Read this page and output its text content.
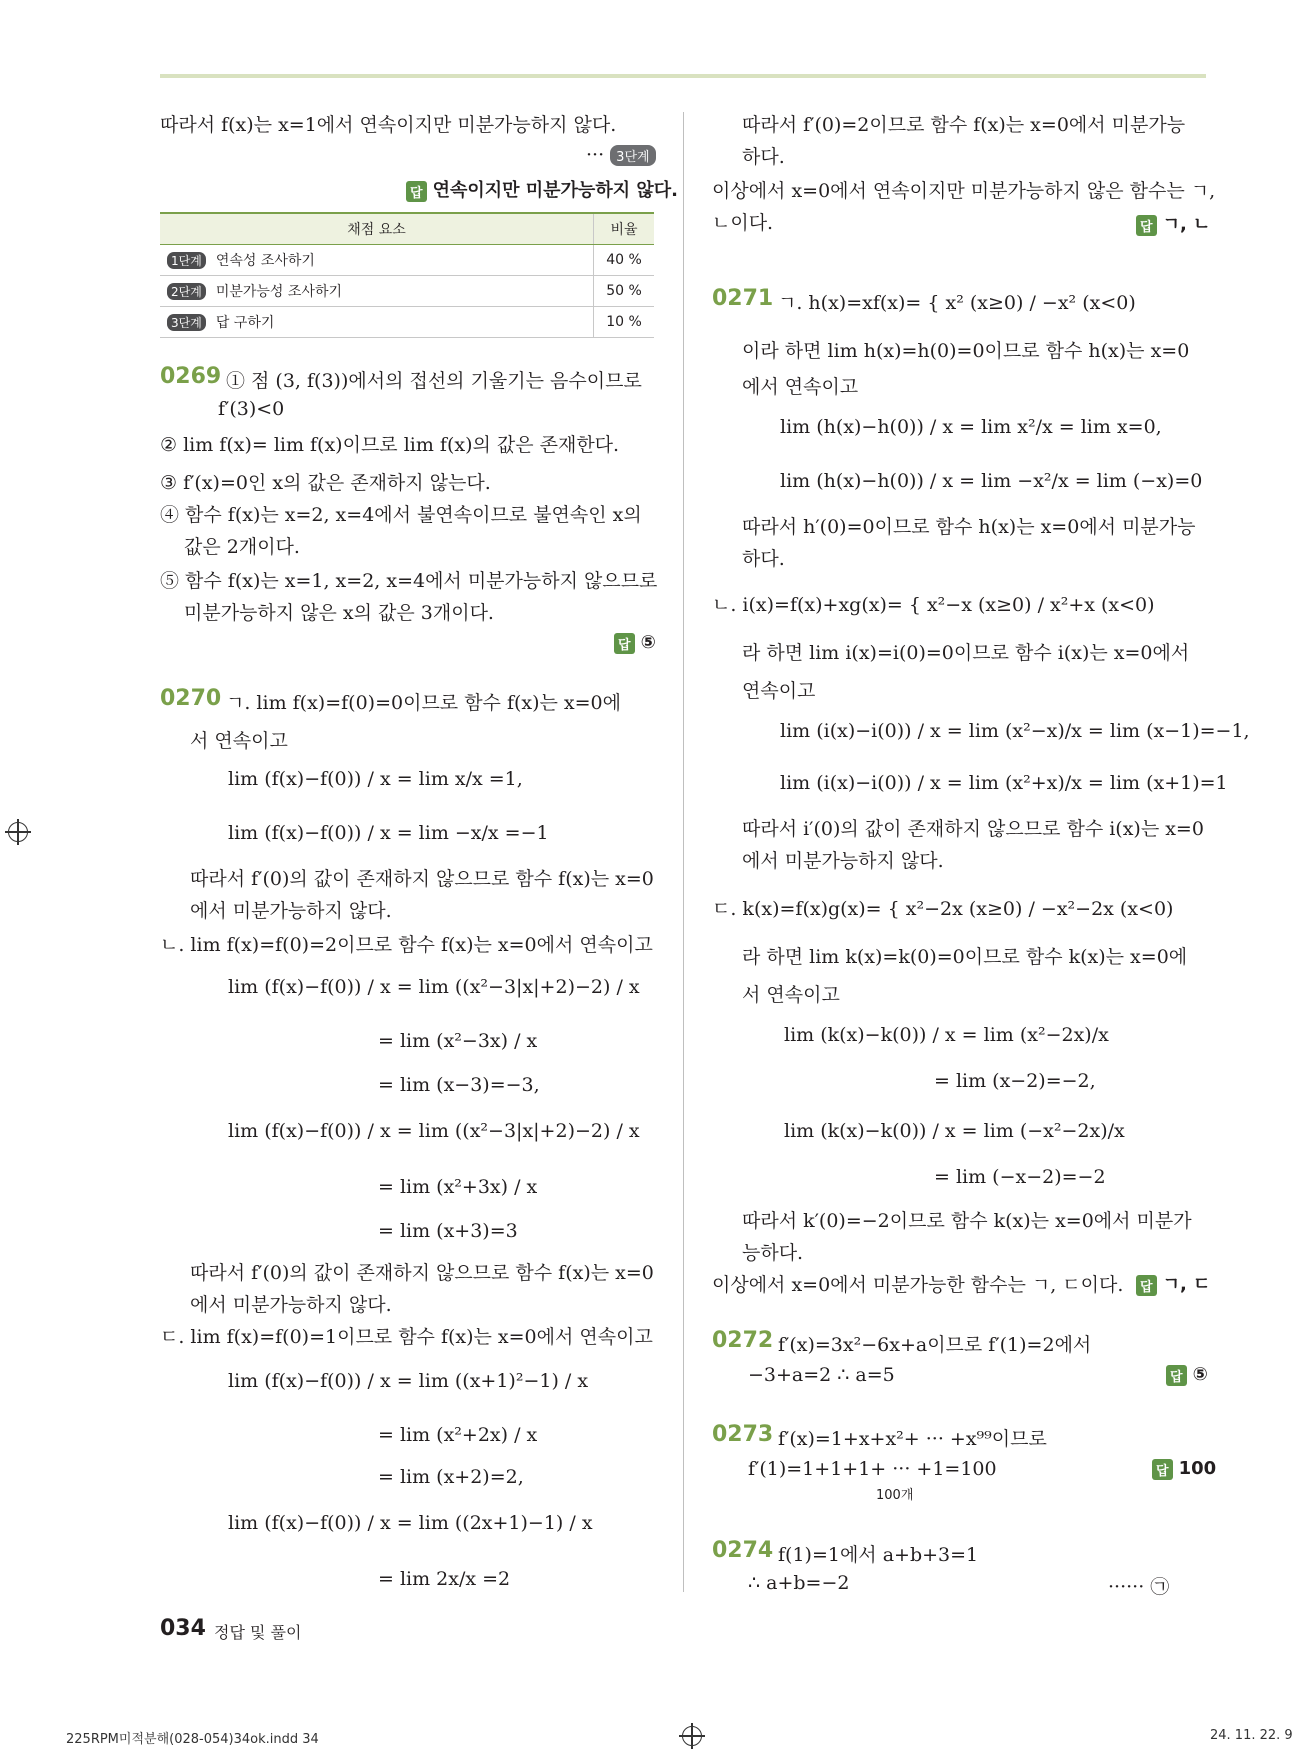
따라서 f(x)는 x=1에서 연속이지만 미분가능하지 않다.
··· 3단계
답 연속이지만 미분가능하지 않다.
채점 요소	비율
1단계 연속성 조사하기	40 %
2단계 미분가능성 조사하기	50 %
3단계 답 구하기	10 %
0269 ① 점 (3, f(3))에서의 접선의 기울기는 음수이므로
f′(3)<0
② lim f(x)= lim f(x)이므로 lim f(x)의 값은 존재한다.
③ f′(x)=0인 x의 값은 존재하지 않는다.
④ 함수 f(x)는 x=2, x=4에서 불연속이므로 불연속인 x의
값은 2개이다.
⑤ 함수 f(x)는 x=1, x=2, x=4에서 미분가능하지 않으므로
미분가능하지 않은 x의 값은 3개이다.
답 ⑤
0270 ㄱ. lim f(x)=f(0)=0이므로 함수 f(x)는 x=0에
서 연속이고
lim (f(x)−f(0)) / x = lim x/x =1,
lim (f(x)−f(0)) / x = lim −x/x =−1
따라서 f′(0)의 값이 존재하지 않으므로 함수 f(x)는 x=0
에서 미분가능하지 않다.
ㄴ. lim f(x)=f(0)=2이므로 함수 f(x)는 x=0에서 연속이고
lim (f(x)−f(0)) / x = lim ((x²−3|x|+2)−2) / x
= lim (x²−3x) / x
= lim (x−3)=−3,
lim (f(x)−f(0)) / x = lim ((x²−3|x|+2)−2) / x
= lim (x²+3x) / x
= lim (x+3)=3
따라서 f′(0)의 값이 존재하지 않으므로 함수 f(x)는 x=0
에서 미분가능하지 않다.
ㄷ. lim f(x)=f(0)=1이므로 함수 f(x)는 x=0에서 연속이고
lim (f(x)−f(0)) / x = lim ((x+1)²−1) / x
= lim (x²+2x) / x
= lim (x+2)=2,
lim (f(x)−f(0)) / x = lim ((2x+1)−1) / x
= lim 2x/x =2
따라서 f′(0)=2이므로 함수 f(x)는 x=0에서 미분가능
하다.
이상에서 x=0에서 연속이지만 미분가능하지 않은 함수는 ㄱ,
ㄴ이다.	답 ㄱ, ㄴ
0271 ㄱ. h(x)=xf(x)= { x² (x≥0) / −x² (x<0)
이라 하면 lim h(x)=h(0)=0이므로 함수 h(x)는 x=0
에서 연속이고
lim (h(x)−h(0)) / x = lim x²/x = lim x=0,
lim (h(x)−h(0)) / x = lim −x²/x = lim (−x)=0
따라서 h′(0)=0이므로 함수 h(x)는 x=0에서 미분가능
하다.
ㄴ. i(x)=f(x)+xg(x)= { x²−x (x≥0) / x²+x (x<0)
라 하면 lim i(x)=i(0)=0이므로 함수 i(x)는 x=0에서
연속이고
lim (i(x)−i(0)) / x = lim (x²−x)/x = lim (x−1)=−1,
lim (i(x)−i(0)) / x = lim (x²+x)/x = lim (x+1)=1
따라서 i′(0)의 값이 존재하지 않으므로 함수 i(x)는 x=0
에서 미분가능하지 않다.
ㄷ. k(x)=f(x)g(x)= { x²−2x (x≥0) / −x²−2x (x<0)
라 하면 lim k(x)=k(0)=0이므로 함수 k(x)는 x=0에
서 연속이고
lim (k(x)−k(0)) / x = lim (x²−2x)/x
= lim (x−2)=−2,
lim (k(x)−k(0)) / x = lim (−x²−2x)/x
= lim (−x−2)=−2
따라서 k′(0)=−2이므로 함수 k(x)는 x=0에서 미분가
능하다.
이상에서 x=0에서 미분가능한 함수는 ㄱ, ㄷ이다.	답 ㄱ, ㄷ
0272 f′(x)=3x²−6x+a이므로 f′(1)=2에서
−3+a=2 ∴ a=5	답 ⑤
0273 f′(x)=1+x+x²+ ··· +x⁹⁹이므로
f′(1)=1+1+1+ ··· +1=100
100개
답 100
0274 f(1)=1에서 a+b+3=1
∴ a+b=−2	······ ㉠
034 정답 및 풀이
225RPM미적분해(028-054)34ok.indd 34	24. 11. 22. 9
